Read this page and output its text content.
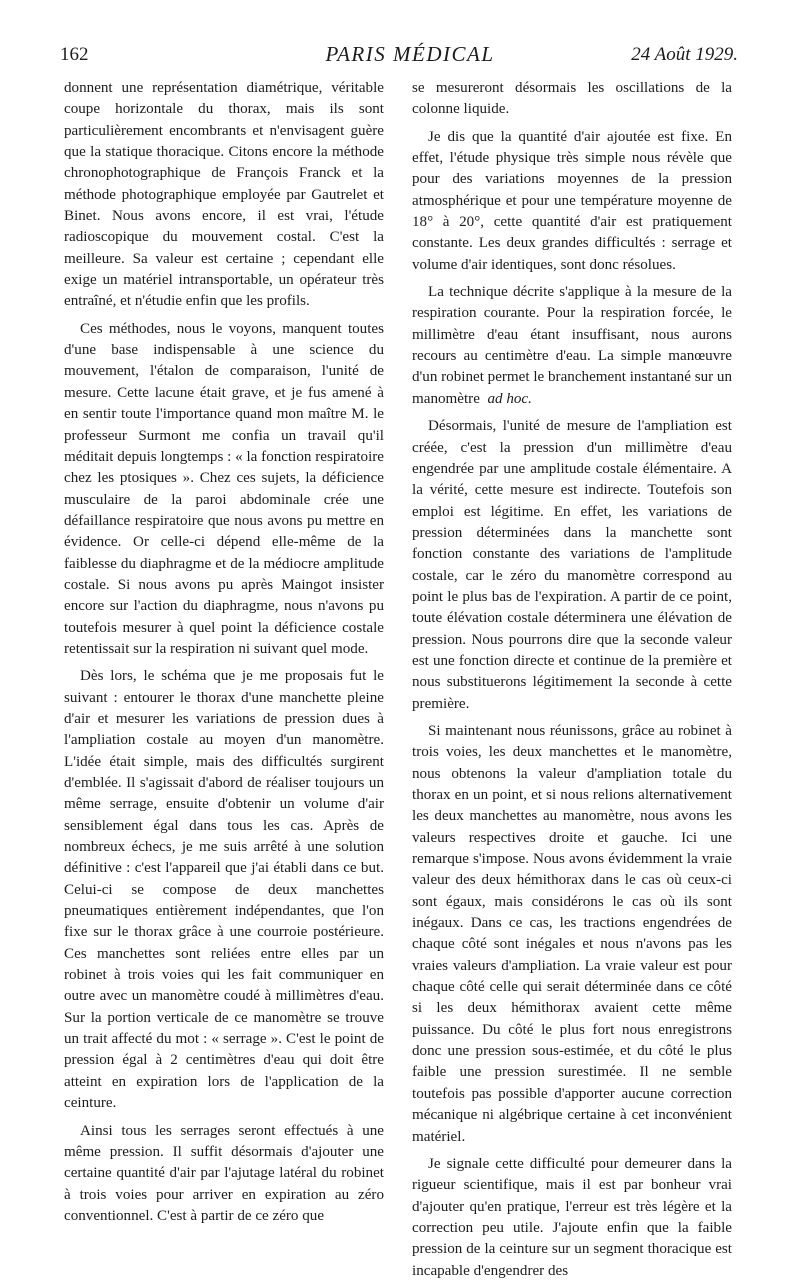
162	PARIS MÉDICAL	24 Août 1929.

donnent une représentation diamétrique, véritable coupe horizontale du thorax, mais ils sont particulièrement encombrants et n'envisagent guère que la statique thoracique. Citons encore la méthode chronophotographique de François Franck et la méthode photographique employée par Gautrelet et Binet. Nous avons encore, il est vrai, l'étude radioscopique du mouvement costal. C'est la meilleure. Sa valeur est certaine ; cependant elle exige un matériel intransportable, un opérateur très entraîné, et n'étudie enfin que les profils.

Ces méthodes, nous le voyons, manquent toutes d'une base indispensable à une science du mouvement, l'étalon de comparaison, l'unité de mesure. Cette lacune était grave, et je fus amené à en sentir toute l'importance quand mon maître M. le professeur Surmont me confia un travail qu'il méditait depuis longtemps : « la fonction respiratoire chez les ptosiques ». Chez ces sujets, la déficience musculaire de la paroi abdominale crée une défaillance respiratoire que nous avons pu mettre en évidence. Or celle-ci dépend elle-même de la faiblesse du diaphragme et de la médiocre amplitude costale. Si nous avons pu après Maingot insister encore sur l'action du diaphragme, nous n'avons pu toutefois mesurer à quel point la déficience costale retentissait sur la respiration ni suivant quel mode.

Dès lors, le schéma que je me proposais fut le suivant : entourer le thorax d'une manchette pleine d'air et mesurer les variations de pression dues à l'ampliation costale au moyen d'un manomètre. L'idée était simple, mais des difficultés surgirent d'emblée. Il s'agissait d'abord de réaliser toujours un même serrage, ensuite d'obtenir un volume d'air sensiblement égal dans tous les cas. Après de nombreux échecs, je me suis arrêté à une solution définitive : c'est l'appareil que j'ai établi dans ce but. Celui-ci se compose de deux manchettes pneumatiques entièrement indépendantes, que l'on fixe sur le thorax grâce à une courroie postérieure. Ces manchettes sont reliées entre elles par un robinet à trois voies qui les fait communiquer en outre avec un manomètre coudé à millimètres d'eau. Sur la portion verticale de ce manomètre se trouve un trait affecté du mot : « serrage ». C'est le point de pression égal à 2 centimètres d'eau qui doit être atteint en expiration lors de l'application de la ceinture.

Ainsi tous les serrages seront effectués à une même pression. Il suffit désormais d'ajouter une certaine quantité d'air par l'ajutage latéral du robinet à trois voies pour arriver en expiration au zéro conventionnel. C'est à partir de ce zéro que

se mesureront désormais les oscillations de la colonne liquide.

Je dis que la quantité d'air ajoutée est fixe. En effet, l'étude physique très simple nous révèle que pour des variations moyennes de la pression atmosphérique et pour une température moyenne de 18° à 20°, cette quantité d'air est pratiquement constante. Les deux grandes difficultés : serrage et volume d'air identiques, sont donc résolues.

La technique décrite s'applique à la mesure de la respiration courante. Pour la respiration forcée, le millimètre d'eau étant insuffisant, nous aurons recours au centimètre d'eau. La simple manœuvre d'un robinet permet le branchement instantané sur un manomètre ad hoc.

Désormais, l'unité de mesure de l'ampliation est créée, c'est la pression d'un millimètre d'eau engendrée par une amplitude costale élémentaire. A la vérité, cette mesure est indirecte. Toutefois son emploi est légitime. En effet, les variations de pression déterminées dans la manchette sont fonction constante des variations de l'amplitude costale, car le zéro du manomètre correspond au point le plus bas de l'expiration. A partir de ce point, toute élévation costale déterminera une élévation de pression. Nous pourrons dire que la seconde valeur est une fonction directe et continue de la première et nous substituerons légitimement la seconde à cette première.

Si maintenant nous réunissons, grâce au robinet à trois voies, les deux manchettes et le manomètre, nous obtenons la valeur d'ampliation totale du thorax en un point, et si nous relions alternativement les deux manchettes au manomètre, nous avons les valeurs respectives droite et gauche. Ici une remarque s'impose. Nous avons évidemment la vraie valeur des deux hémithorax dans le cas où ceux-ci sont égaux, mais considérons le cas où ils sont inégaux. Dans ce cas, les tractions engendrées de chaque côté sont inégales et nous n'avons pas les vraies valeurs d'ampliation. La vraie valeur est pour chaque côté celle qui serait déterminée dans ce côté si les deux hémithorax avaient cette même puissance. Du côté le plus fort nous enregistrons donc une pression sous-estimée, et du côté le plus faible une pression surestimée. Il ne semble toutefois pas possible d'apporter aucune correction mécanique ni algébrique certaine à cet inconvénient matériel.

Je signale cette difficulté pour demeurer dans la rigueur scientifique, mais il est par bonheur vrai d'ajouter qu'en pratique, l'erreur est très légère et la correction peu utile. J'ajoute enfin que la faible pression de la ceinture sur un segment thoracique est incapable d'engendrer des
